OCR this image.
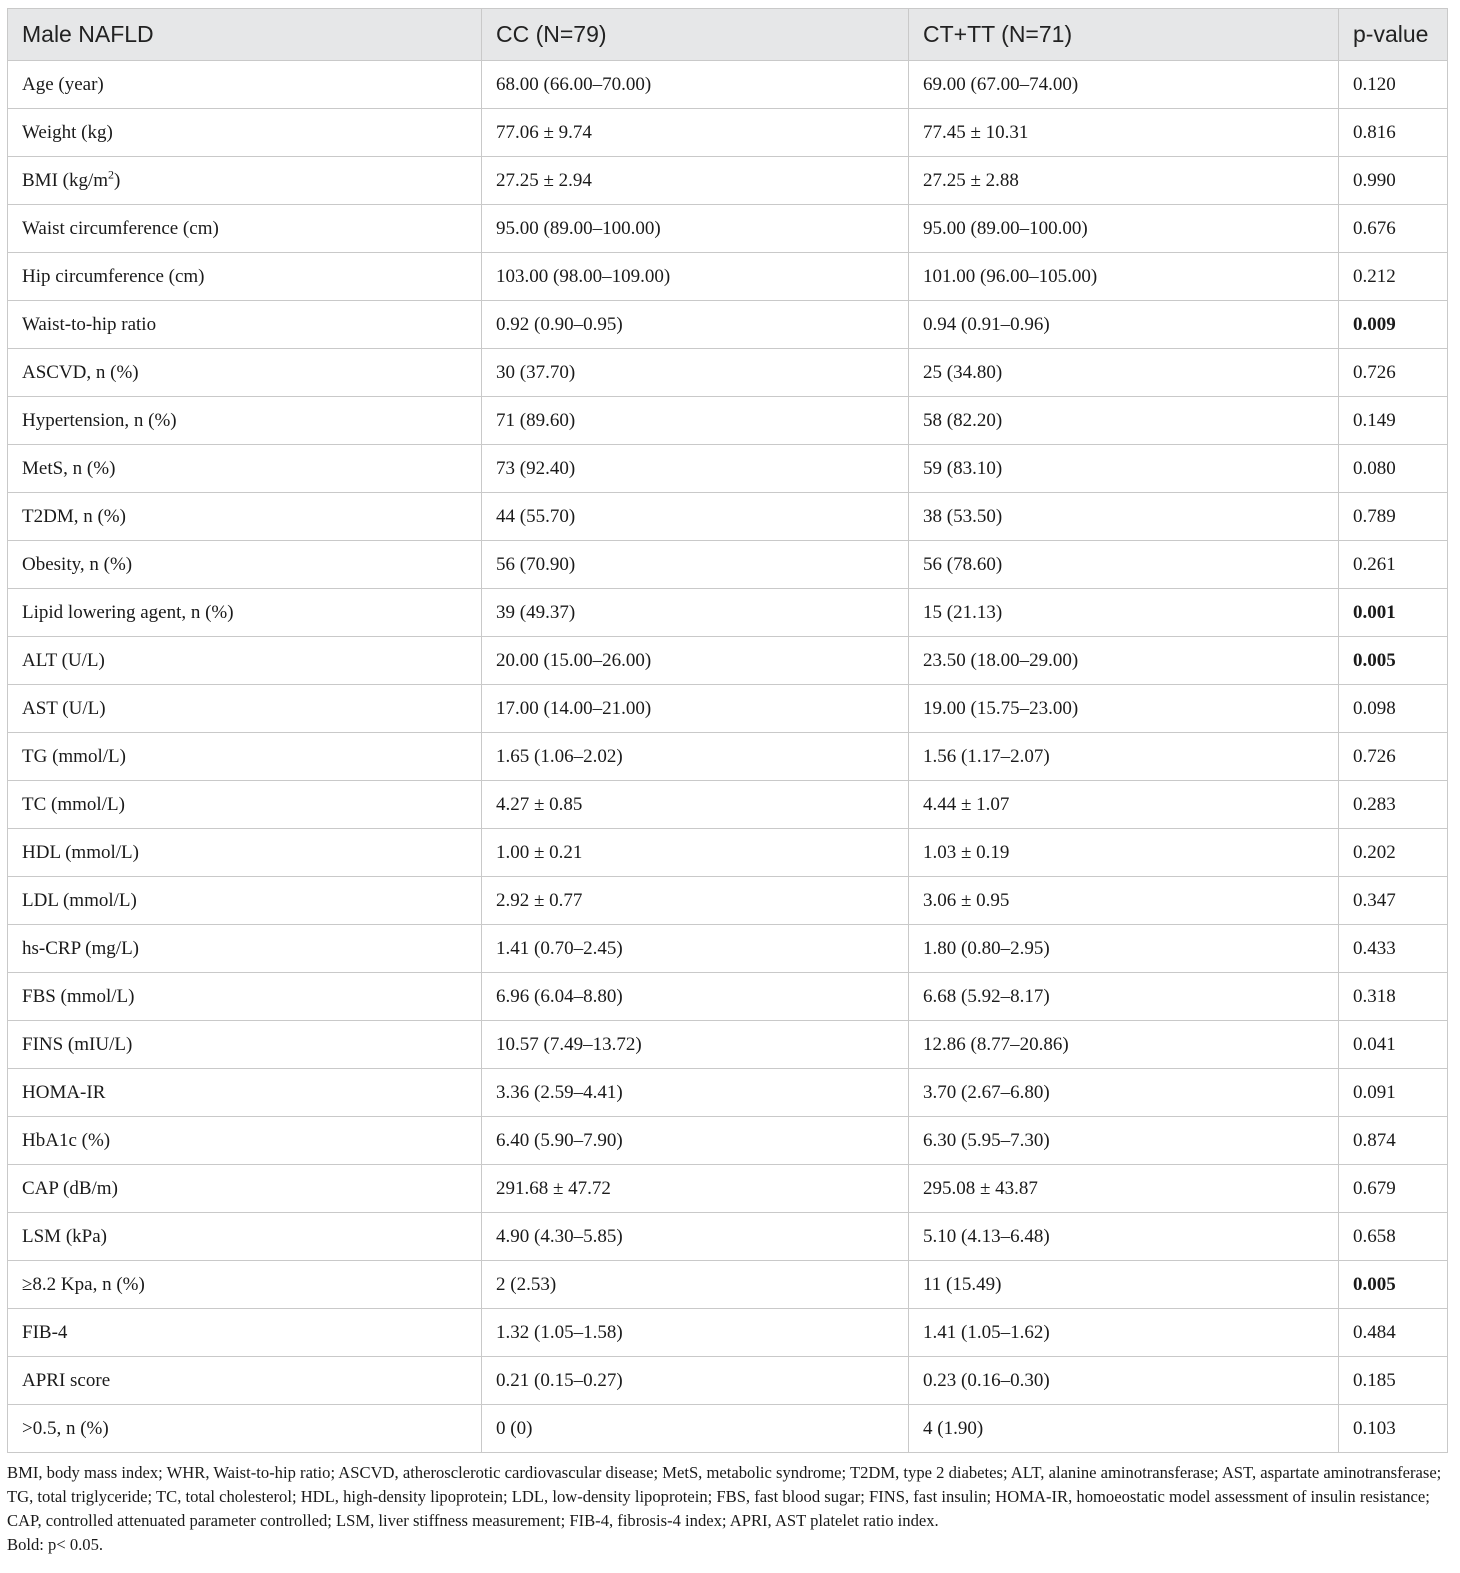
Male NAFLD	CC (N=79)	CT+TT (N=71)	p-value
Age (year)	68.00 (66.00–70.00)	69.00 (67.00–74.00)	0.120
Weight (kg)	77.06 ± 9.74	77.45 ± 10.31	0.816
BMI $(kg/m^2)$	27.25 ± 2.94	27.25 ± 2.88	0.990
Waist circumference (cm)	95.00 (89.00–100.00)	95.00 (89.00–100.00)	0.676
Hip circumference (cm)	103.00 (98.00–109.00)	101.00 (96.00–105.00)	0.212
Waist-to-hip ratio	0.92 (0.90–0.95)	0.94 (0.91–0.96)	0.009
ASCVD, n (%)	30 (37.70)	25 (34.80)	0.726
Hypertension, n (%)	71 (89.60)	58 (82.20)	0.149
MetS, n (%)	73 (92.40)	59 (83.10)	0.080
T2DM, n (%)	44 (55.70)	38 (53.50)	0.789
Obesity, n (%)	56 (70.90)	56 (78.60)	0.261
Lipid lowering agent, n (%)	39 (49.37)	15 (21.13)	0.001
ALT (U/L)	20.00 (15.00–26.00)	23.50 (18.00–29.00)	0.005
AST (U/L)	17.00 (14.00–21.00)	19.00 (15.75–23.00)	0.098
TG (mmol/L)	1.65 (1.06–2.02)	1.56 (1.17–2.07)	0.726
TC (mmol/L)	4.27 ± 0.85	4.44 ± 1.07	0.283
HDL (mmol/L)	1.00 ± 0.21	1.03 ± 0.19	0.202
LDL (mmol/L)	2.92 ± 0.77	3.06 ± 0.95	0.347
hs-CRP (mg/L)	1.41 (0.70–2.45)	1.80 (0.80–2.95)	0.433
FBS (mmol/L)	6.96 (6.04–8.80)	6.68 (5.92–8.17)	0.318
FINS (mIU/L)	10.57 (7.49–13.72)	12.86 (8.77–20.86)	0.041
HOMA-IR	3.36 (2.59–4.41)	3.70 (2.67–6.80)	0.091
HbA1c (%)	6.40 (5.90–7.90)	6.30 (5.95–7.30)	0.874
CAP (dB/m)	291.68 ± 47.72	295.08 ± 43.87	0.679
LSM (kPa)	4.90 (4.30–5.85)	5.10 (4.13–6.48)	0.658
≥8.2 Kpa, n (%)	2 (2.53)	11 (15.49)	0.005
FIB-4	1.32 (1.05–1.58)	1.41 (1.05–1.62)	0.484
APRI score	0.21 (0.15–0.27)	0.23 (0.16–0.30)	0.185
>0.5, n (%)	0 (0)	4 (1.90)	0.103

BMI, body mass index; WHR, Waist-to-hip ratio; ASCVD, atherosclerotic cardiovascular disease; MetS, metabolic syndrome; T2DM, type 2 diabetes; ALT, alanine aminotransferase; AST, aspartate aminotransferase; TG, total triglyceride; TC, total cholesterol; HDL, high-density lipoprotein; LDL, low-density lipoprotein; FBS, fast blood sugar; FINS, fast insulin; HOMA-IR, homoeostatic model assessment of insulin resistance; CAP, controlled attenuated parameter controlled; LSM, liver stiffness measurement; FIB-4, fibrosis-4 index; APRI, AST platelet ratio index.

Bold: p< 0.05.
